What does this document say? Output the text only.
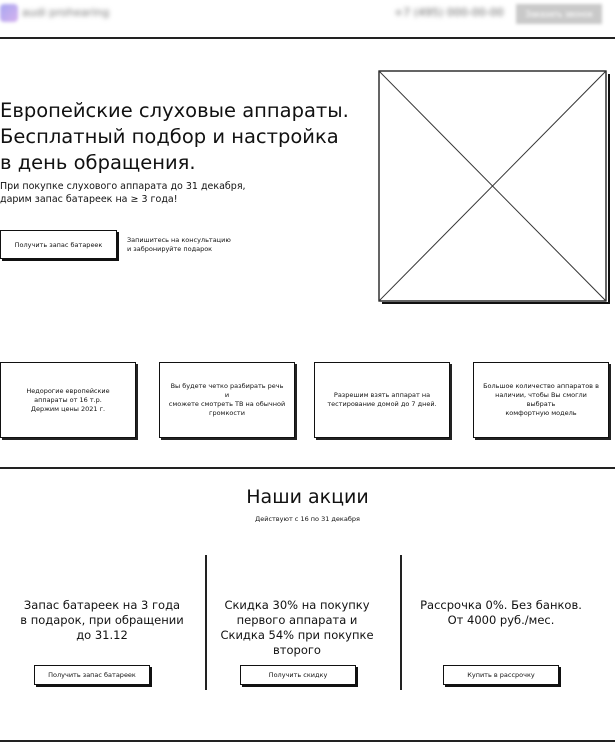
audi prohearing	+7 (495) 000-00-00	Заказать звонок
Европейские слуховые аппараты.
Бесплатный подбор и настройка
в день обращения.
При покупке слухового аппарата до 31 декабря,
дарим запас батареек на ≥ 3 года!
Получить запас батареек
Запишитесь на консультацию
и забронируйте подарок
Недорогие европейские
аппараты от 16 т.р.
Держим цены 2021 г.
Вы будете четко разбирать речь и
сможете смотреть ТВ на обычной
громкости
Разрешим взять аппарат на
тестирование домой до 7 дней.
Большое количество аппаратов в
наличии, чтобы Вы смогли выбрать
комфортную модель
Наши акции
Действуют с 16 по 31 декабря
Запас батареек на 3 года
в подарок, при обращении
до 31.12
Получить запас батареек
Скидка 30% на покупку
первого аппарата и
Скидка 54% при покупке
второго
Получить скидку
Рассрочка 0%. Без банков.
От 4000 руб./мес.
Купить в рассрочку
